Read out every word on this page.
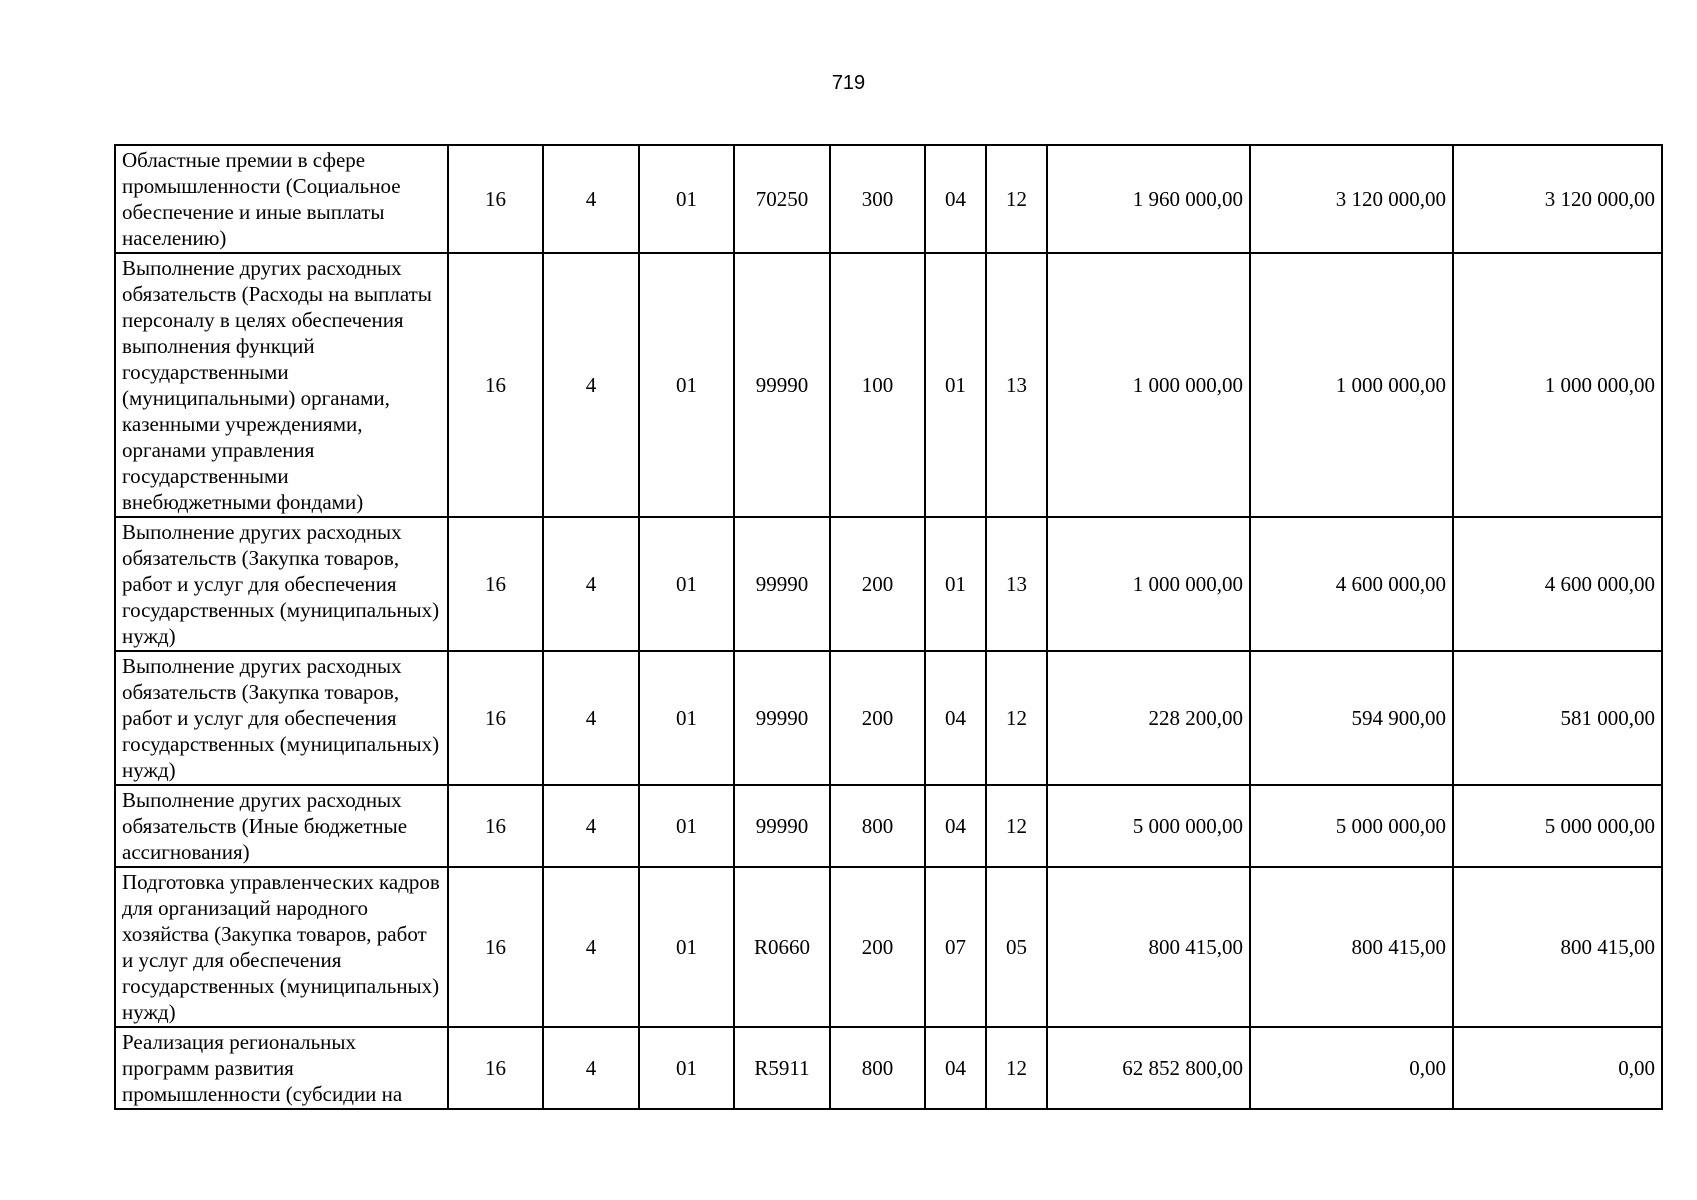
719
Областные премии в сфере промышленности (Социальное обеспечение и иные выплаты населению)	16	4	01	70250	300	04	12	1 960 000,00	3 120 000,00	3 120 000,00
Выполнение других расходных обязательств (Расходы на выплаты персоналу в целях обеспечения выполнения функций государственными (муниципальными) органами, казенными учреждениями, органами управления государственными внебюджетными фондами)	16	4	01	99990	100	01	13	1 000 000,00	1 000 000,00	1 000 000,00
Выполнение других расходных обязательств (Закупка товаров, работ и услуг для обеспечения государственных (муниципальных) нужд)	16	4	01	99990	200	01	13	1 000 000,00	4 600 000,00	4 600 000,00
Выполнение других расходных обязательств (Закупка товаров, работ и услуг для обеспечения государственных (муниципальных) нужд)	16	4	01	99990	200	04	12	228 200,00	594 900,00	581 000,00
Выполнение других расходных обязательств (Иные бюджетные ассигнования)	16	4	01	99990	800	04	12	5 000 000,00	5 000 000,00	5 000 000,00
Подготовка управленческих кадров для организаций народного хозяйства (Закупка товаров, работ и услуг для обеспечения государственных (муниципальных) нужд)	16	4	01	R0660	200	07	05	800 415,00	800 415,00	800 415,00
Реализация региональных программ развития промышленности (субсидии на	16	4	01	R5911	800	04	12	62 852 800,00	0,00	0,00
